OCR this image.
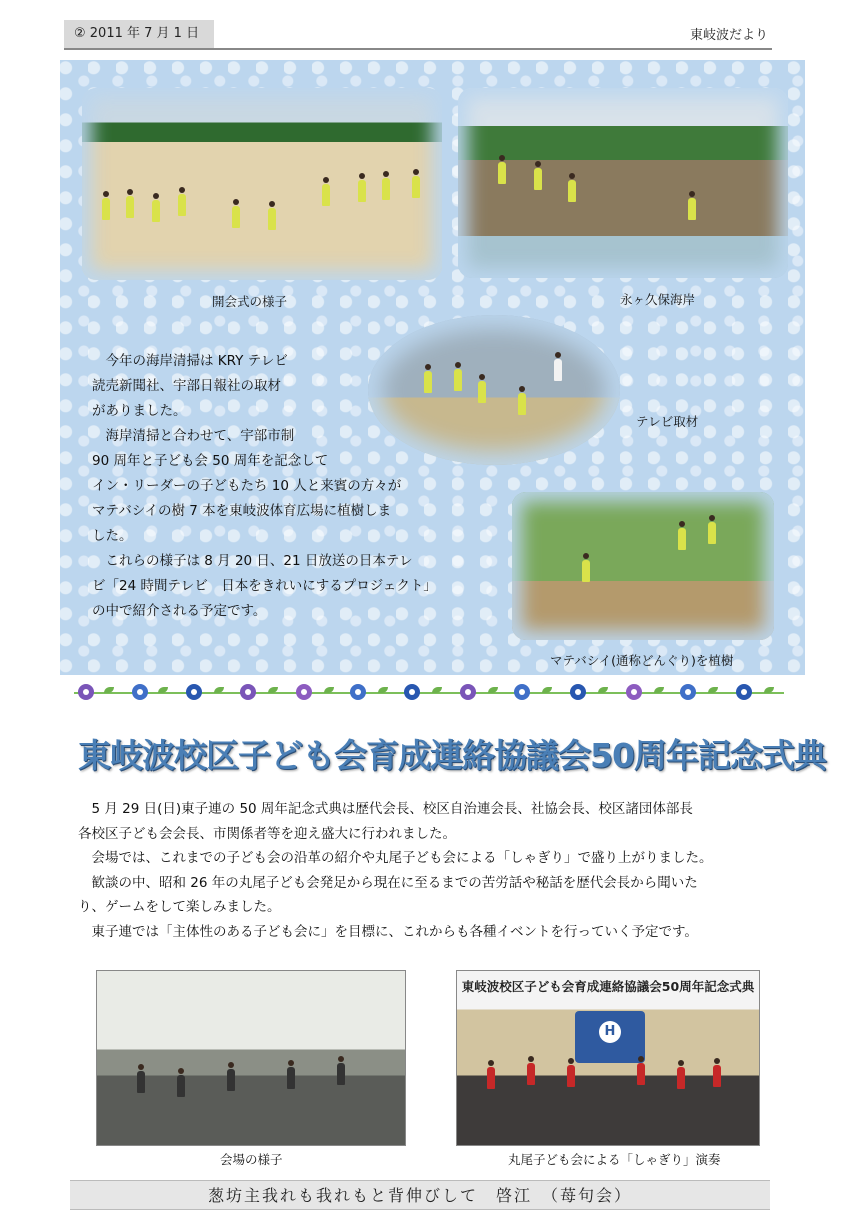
② 2011 年 7 月 1 日	東岐波だより
開会式の様子	永ヶ久保海岸
テレビ取材

　今年の海岸清掃は KRY テレビ

読売新聞社、宇部日報社の取材

がありました。

　海岸清掃と合わせて、宇部市制

90 周年と子ども会 50 周年を記念して

イン・リーダーの子どもたち 10 人と来賓の方々が

マテバシイの樹 7 本を東岐波体育広場に植樹しま

した。

　これらの様子は 8 月 20 日、21 日放送の日本テレ

ビ「24 時間テレビ　日本をきれいにするプロジェクト」

の中で紹介される予定です。

マテバシイ(通称どんぐり)を植樹
東岐波校区子ども会育成連絡協議会50周年記念式典

　5 月 29 日(日)東子連の 50 周年記念式典は歴代会長、校区自治連会長、社協会長、校区諸団体部長

各校区子ども会会長、市関係者等を迎え盛大に行われました。

　会場では、これまでの子ども会の沿革の紹介や丸尾子ども会による「しゃぎり」で盛り上がりました。

　歓談の中、昭和 26 年の丸尾子ども会発足から現在に至るまでの苦労話や秘話を歴代会長から聞いた

り、ゲームをして楽しみました。

　東子連では「主体性のある子ども会に」を目標に、これからも各種イベントを行っていく予定です。

会場の様子
東岐波校区子ども会育成連絡協議会50周年記念式典
H
丸尾子ども会による「しゃぎり」演奏
葱坊主我れも我れもと背伸びして　啓江　（苺句会）
